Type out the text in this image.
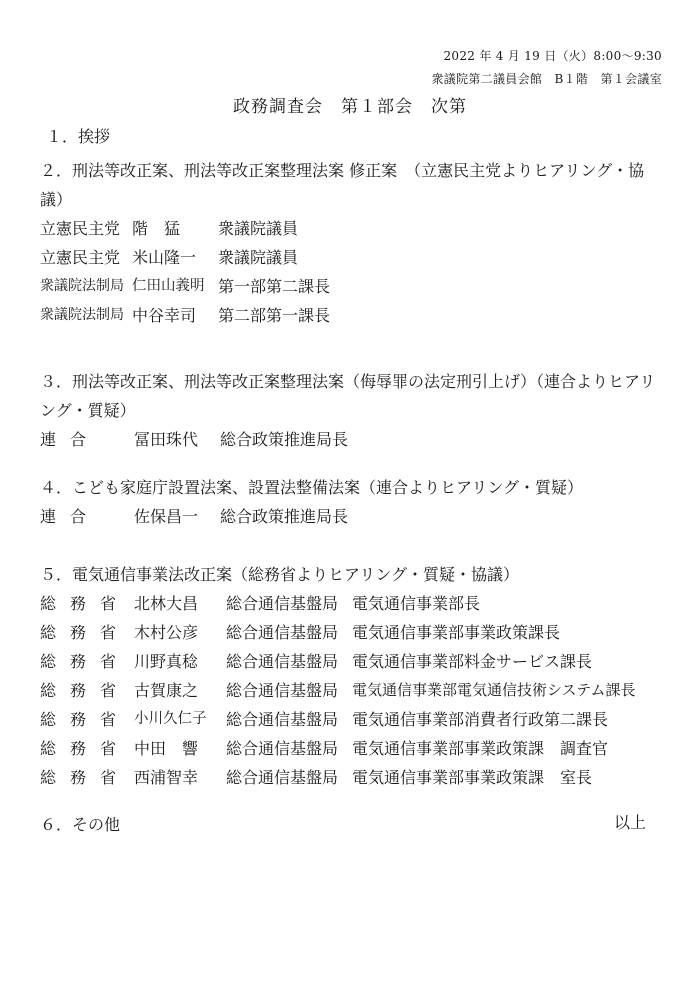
2022 年 4 月 19 日（火）8:00～9:30
衆議院第二議員会館　B１階　第１会議室
政務調査会　第１部会　次第
１．挨拶
２．刑法等改正案、刑法等改正案整理法案 修正案　（立憲民主党よりヒアリング・協議）
立憲民主党 階　猛	衆議院議員
立憲民主党 米山隆一	衆議院議員
衆議院法制局 仁田山義明 第一部第二課長
衆議院法制局 中谷幸司	第二部第一課長
３．刑法等改正案、刑法等改正案整理法案（侮辱罪の法定刑引上げ）（連合よりヒアリング・質疑）
連合	冨田珠代	総合政策推進局長
４．こども家庭庁設置法案、設置法整備法案（連合よりヒアリング・質疑）
連合	佐保昌一	総合政策推進局長
５．電気通信事業法改正案（総務省よりヒアリング・質疑・協議）
総務省 北林大昌	総合通信基盤局 電気通信事業部長
総務省 木村公彦	総合通信基盤局 電気通信事業部事業政策課長
総務省 川野真稔	総合通信基盤局 電気通信事業部料金サービス課長
総務省 古賀康之	総合通信基盤局 電気通信事業部電気通信技術システム課長
総務省 小川久仁子	総合通信基盤局 電気通信事業部消費者行政第二課長
総務省 中田　響	総合通信基盤局 電気通信事業部事業政策課　調査官
総務省 西浦智幸	総合通信基盤局 電気通信事業部事業政策課　室長
６．その他	以上
